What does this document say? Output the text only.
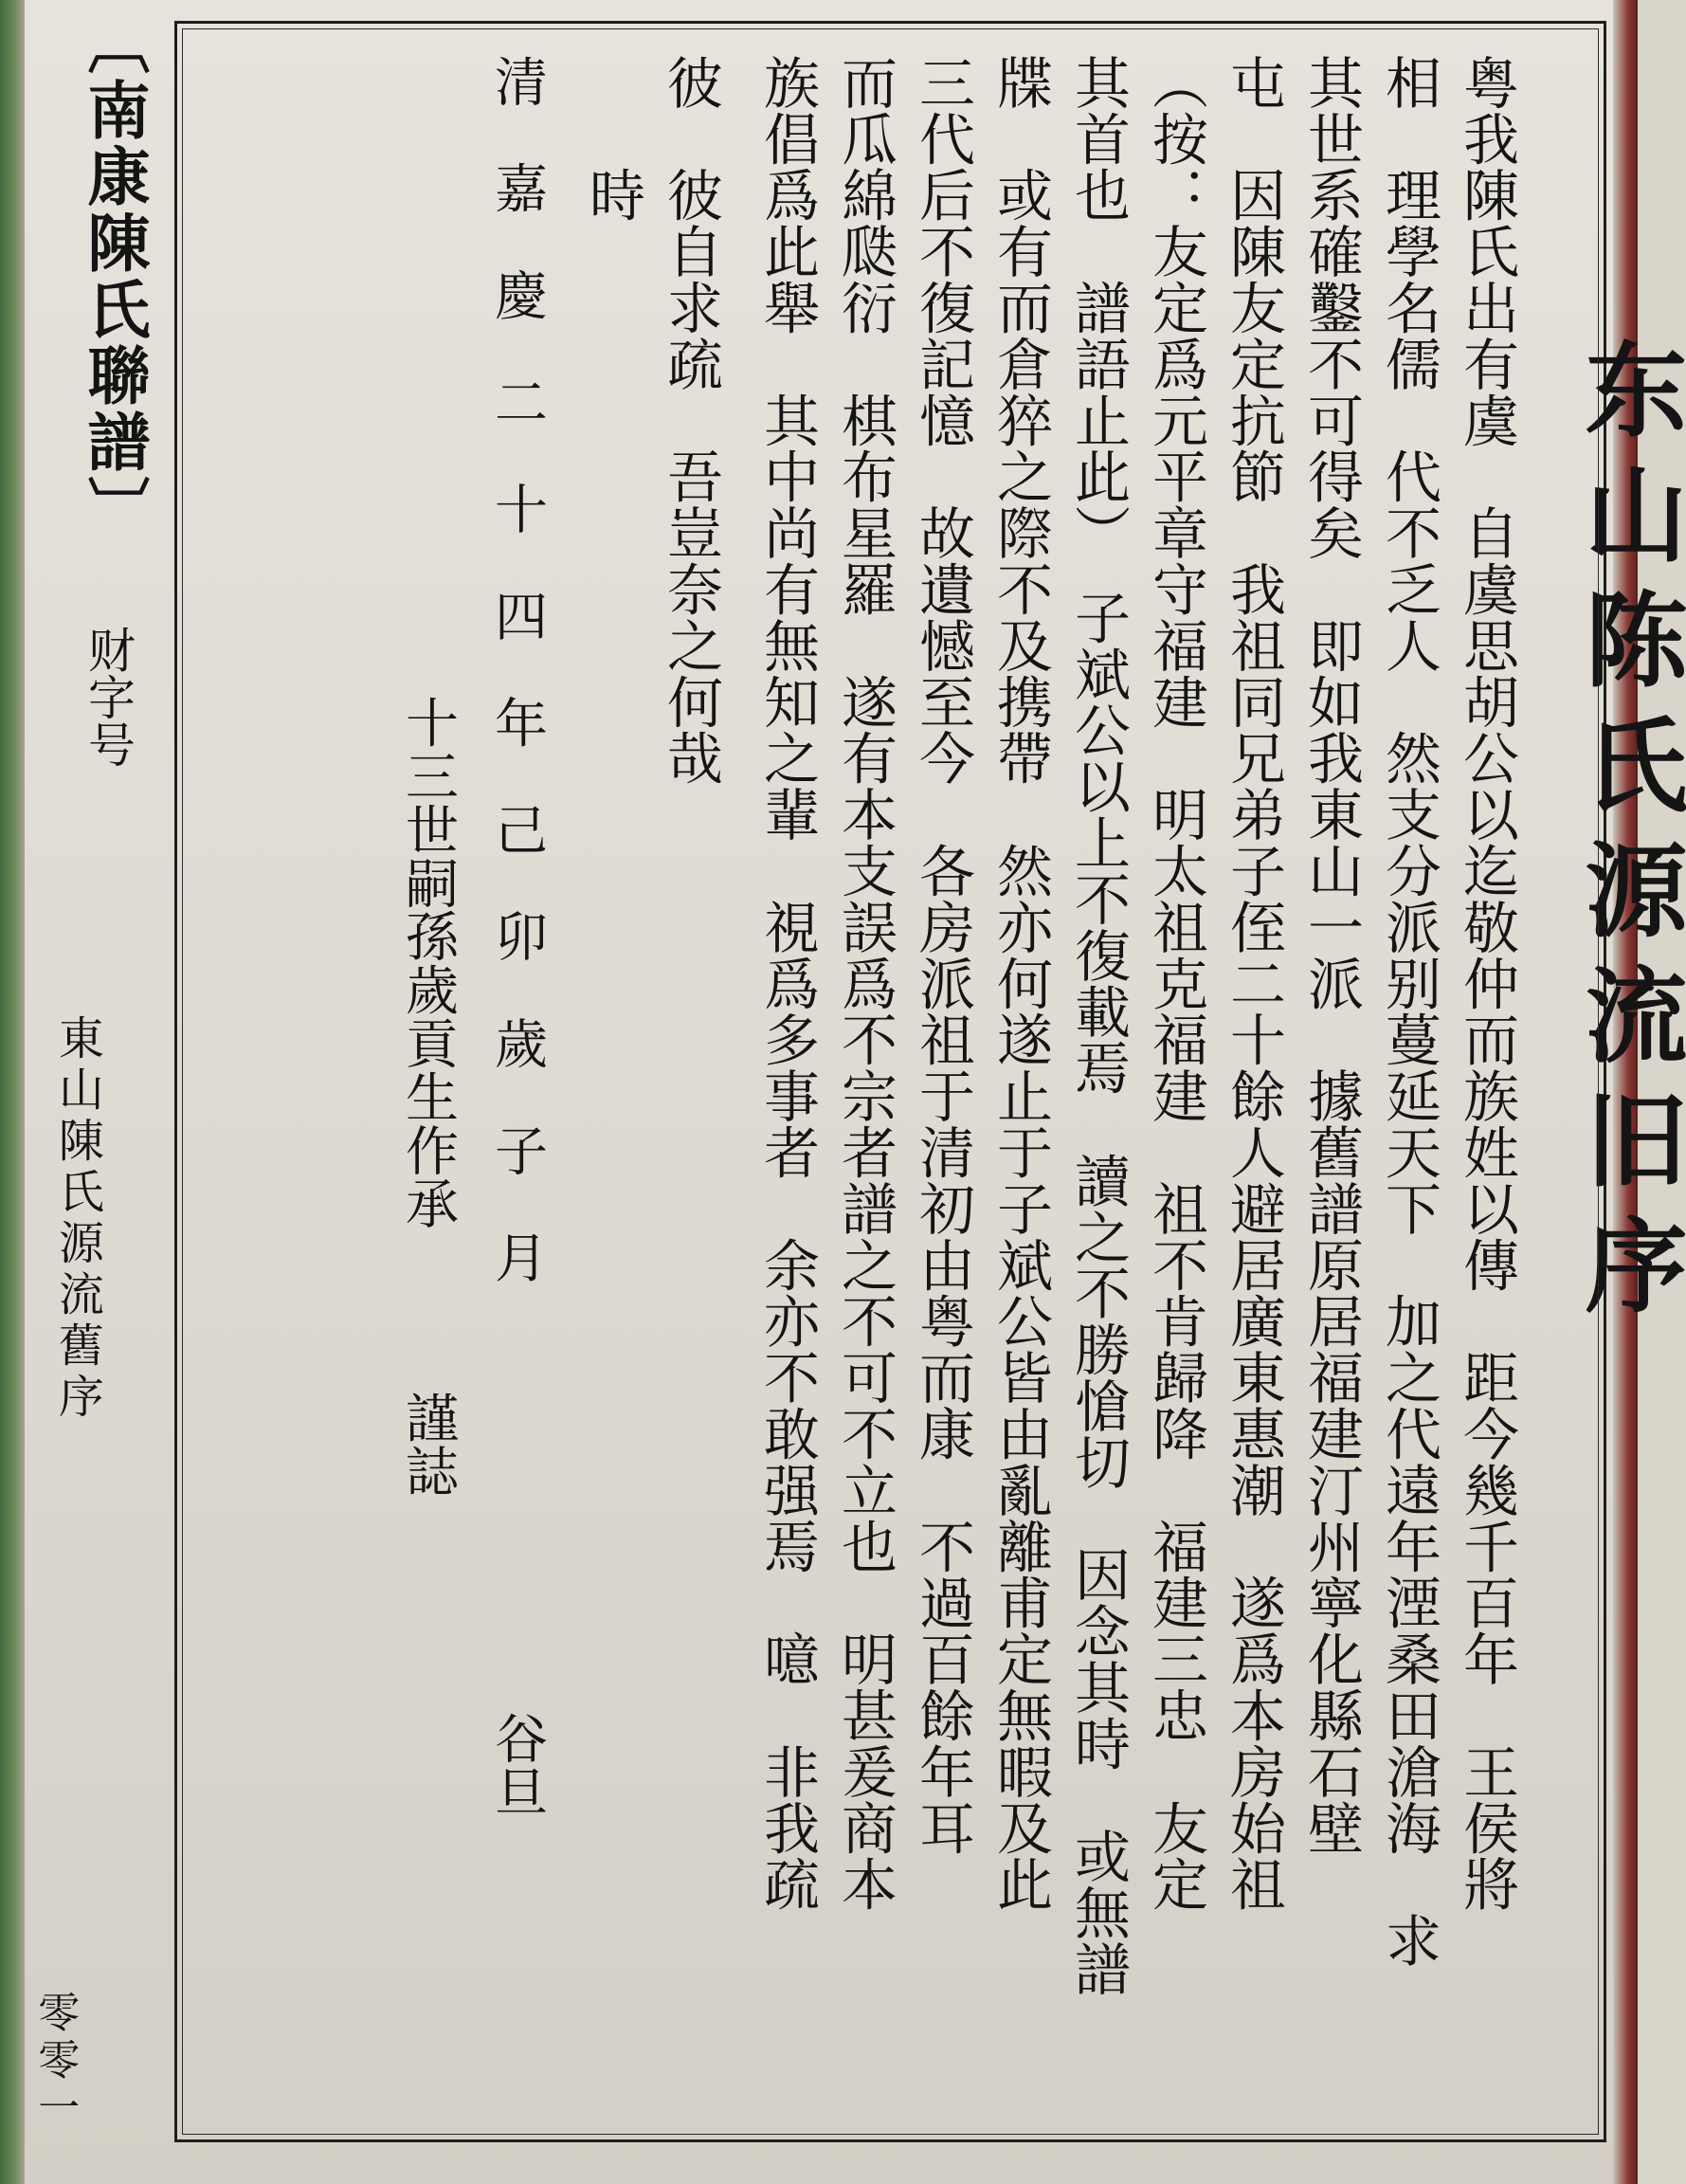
〔南康陳氏聯譜〕
财字号
東山陳氏源流舊序
零零一
东山陈氏源流旧序
粤我陳氏出有虞　自虞思胡公以迄敬仲而族姓以傳　距今幾千百年　王侯將
相　理學名儒　代不乏人　然支分派别蔓延天下　加之代遠年湮桑田滄海　求
其世系確鑿不可得矣　即如我東山一派　據舊譜原居福建汀州寧化縣石壁
屯　因陳友定抗節　我祖同兄弟子侄二十餘人避居廣東惠潮　遂爲本房始祖
（按：友定爲元平章守福建　明太祖克福建　祖不肯歸降　福建三忠　友定
其首也　譜語止此）　子斌公以上不復載焉　讀之不勝愴切　因念其時　或無譜
牒　或有而倉猝之際不及携帶　然亦何遂止于子斌公皆由亂離甫定無暇及此
三代后不復記憶　故遺憾至今　各房派祖于清初由粤而康　不過百餘年耳
而瓜綿瓞衍　棋布星羅　遂有本支誤爲不宗者譜之不可不立也　明甚爰商本
族倡爲此舉　其中尚有無知之輩　視爲多事者　余亦不敢强焉　噫　非我疏
彼　彼自求疏　吾豈奈之何哉
　　時
清　嘉　慶　二　十　四　年　己　卯　歲　子　月　　　　　　　　谷旦
　　　　　　　　　　　　十三世嗣孫歲貢生作承　　　謹誌
